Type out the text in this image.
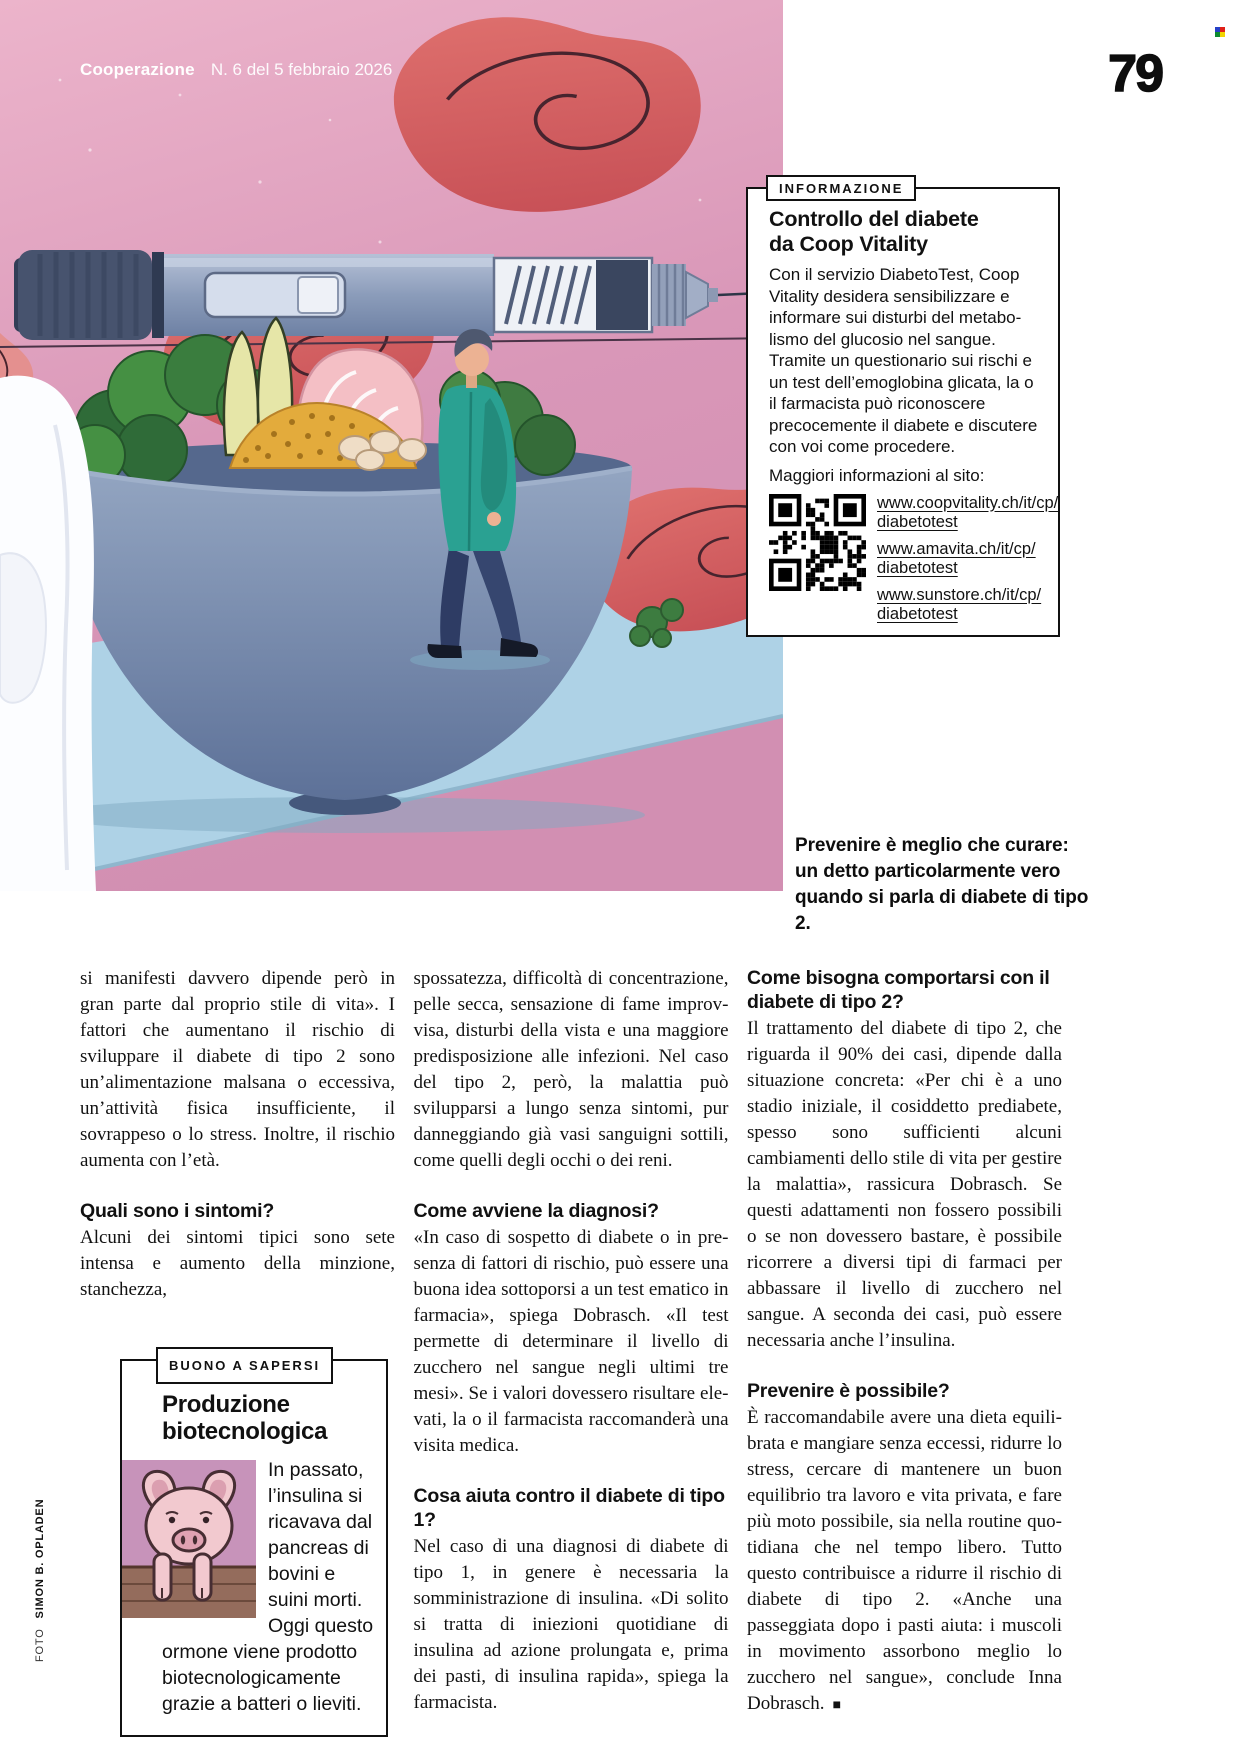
Cooperazione N. 6 del 5 febbraio 2026	79
INFORMAZIONE
Controllo del diabete
da Coop Vitality

Con il servizio DiabetoTest, Coop Vitality desidera sensibilizzare e informare sui disturbi del metabolismo del glucosio nel sangue. Tramite un questionario sui rischi e un test dell’emoglobina glicata, la o il farmacista può riconoscere precocemente il diabete e discutere con voi come procedere.

Maggiori informazioni al sito:

www.coopvitality.ch/it/cp/
diabetotest
www.amavita.ch/it/cp/
diabetotest
www.sunstore.ch/it/cp/
diabetotest
Prevenire è meglio che curare: un detto particolarmente vero quando si parla di diabete di tipo 2.

si manifesti davvero dipende però in gran parte dal proprio stile di vita». I fattori che aumentano il rischio di sviluppare il diabete di tipo 2 sono un’alimentazione malsana o eccessiva, un’attività fisica insufficiente, il sovrappeso o lo stress. Inoltre, il rischio aumenta con l’età.

Quali sono i sintomi?

Alcuni dei sintomi tipici sono sete intensa e aumento della minzione, stanchezza,

BUONO A SAPERSI
Produzione
biotecnologica

In passato, l’insulina si ricavava dal pancreas di bovini e suini morti. Oggi questo ormone viene prodotto biotecnologicamente grazie a batteri o lieviti.

spossatezza, difficoltà di concentrazione, pelle secca, sensazione di fame improvvisa, disturbi della vista e una maggiore predisposizione alle infezioni. Nel caso del tipo 2, però, la malattia può svilupparsi a lungo senza sintomi, pur danneggiando già vasi sanguigni sottili, come quelli degli occhi o dei reni.

Come avviene la diagnosi?

«In caso di sospetto di diabete o in presenza di fattori di rischio, può essere una buona idea sottoporsi a un test ematico in farmacia», spiega Dobrasch. «Il test permette di determinare il livello di zucchero nel sangue negli ultimi tre mesi». Se i valori dovessero risultare elevati, la o il farmacista raccomanderà una visita medica.

Cosa aiuta contro il diabete di tipo 1?

Nel caso di una diagnosi di diabete di tipo 1, in genere è necessaria la somministrazione di insulina. «Di solito si tratta di iniezioni quotidiane di insulina ad azione prolungata e, prima dei pasti, di insulina rapida», spiega la farmacista.

Come bisogna comportarsi con il diabete di tipo 2?

Il trattamento del diabete di tipo 2, che riguarda il 90% dei casi, dipende dalla situazione concreta: «Per chi è a uno stadio iniziale, il cosiddetto prediabete, spesso sono sufficienti alcuni cambiamenti dello stile di vita per gestire la malattia», rassicura Dobrasch. Se questi adattamenti non fossero possibili o se non dovessero bastare, è possibile ricorrere a diversi tipi di farmaci per abbassare il livello di zucchero nel sangue. A seconda dei casi, può essere necessaria anche l’insulina.

Prevenire è possibile?

È raccomandabile avere una dieta equilibrata e mangiare senza eccessi, ridurre lo stress, cercare di mantenere un buon equilibrio tra lavoro e vita privata, e fare più moto possibile, sia nella routine quotidiana che nel tempo libero. Tutto questo contribuisce a ridurre il rischio di diabete di tipo 2. «Anche una passeggiata dopo i pasti aiuta: i muscoli in movimento assorbono meglio lo zucchero nel sangue», conclude Inna Dobrasch. ■

FOTOSIMON B. OPLADEN
